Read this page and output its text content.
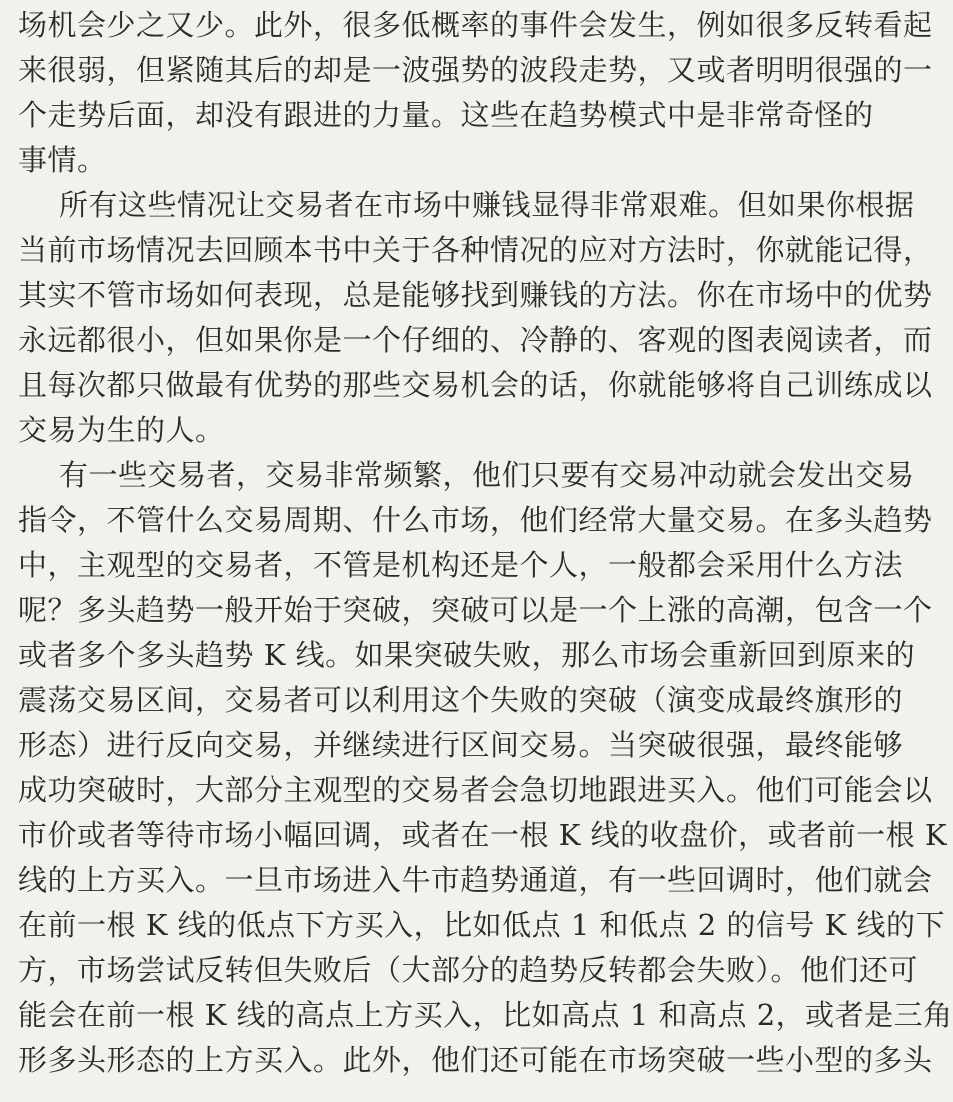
场机会少之又少。此外，很多低概率的事件会发生，例如很多反转看起
来很弱，但紧随其后的却是一波强势的波段走势，又或者明明很强的一
个走势后面，却没有跟进的力量。这些在趋势模式中是非常奇怪的
事情。
所有这些情况让交易者在市场中赚钱显得非常艰难。但如果你根据
当前市场情况去回顾本书中关于各种情况的应对方法时，你就能记得，
其实不管市场如何表现，总是能够找到赚钱的方法。你在市场中的优势
永远都很小，但如果你是一个仔细的、冷静的、客观的图表阅读者，而
且每次都只做最有优势的那些交易机会的话，你就能够将自己训练成以
交易为生的人。
有一些交易者，交易非常频繁，他们只要有交易冲动就会发出交易
指令，不管什么交易周期、什么市场，他们经常大量交易。在多头趋势
中，主观型的交易者，不管是机构还是个人，一般都会采用什么方法
呢？多头趋势一般开始于突破，突破可以是一个上涨的高潮，包含一个
或者多个多头趋势 K 线。如果突破失败，那么市场会重新回到原来的
震荡交易区间，交易者可以利用这个失败的突破（演变成最终旗形的
形态）进行反向交易，并继续进行区间交易。当突破很强，最终能够
成功突破时，大部分主观型的交易者会急切地跟进买入。他们可能会以
市价或者等待市场小幅回调，或者在一根 K 线的收盘价，或者前一根 K
线的上方买入。一旦市场进入牛市趋势通道，有一些回调时，他们就会
在前一根 K 线的低点下方买入，比如低点 1 和低点 2 的信号 K 线的下
方，市场尝试反转但失败后（大部分的趋势反转都会失败）。他们还可
能会在前一根 K 线的高点上方买入，比如高点 1 和高点 2，或者是三角
形多头形态的上方买入。此外，他们还可能在市场突破一些小型的多头
